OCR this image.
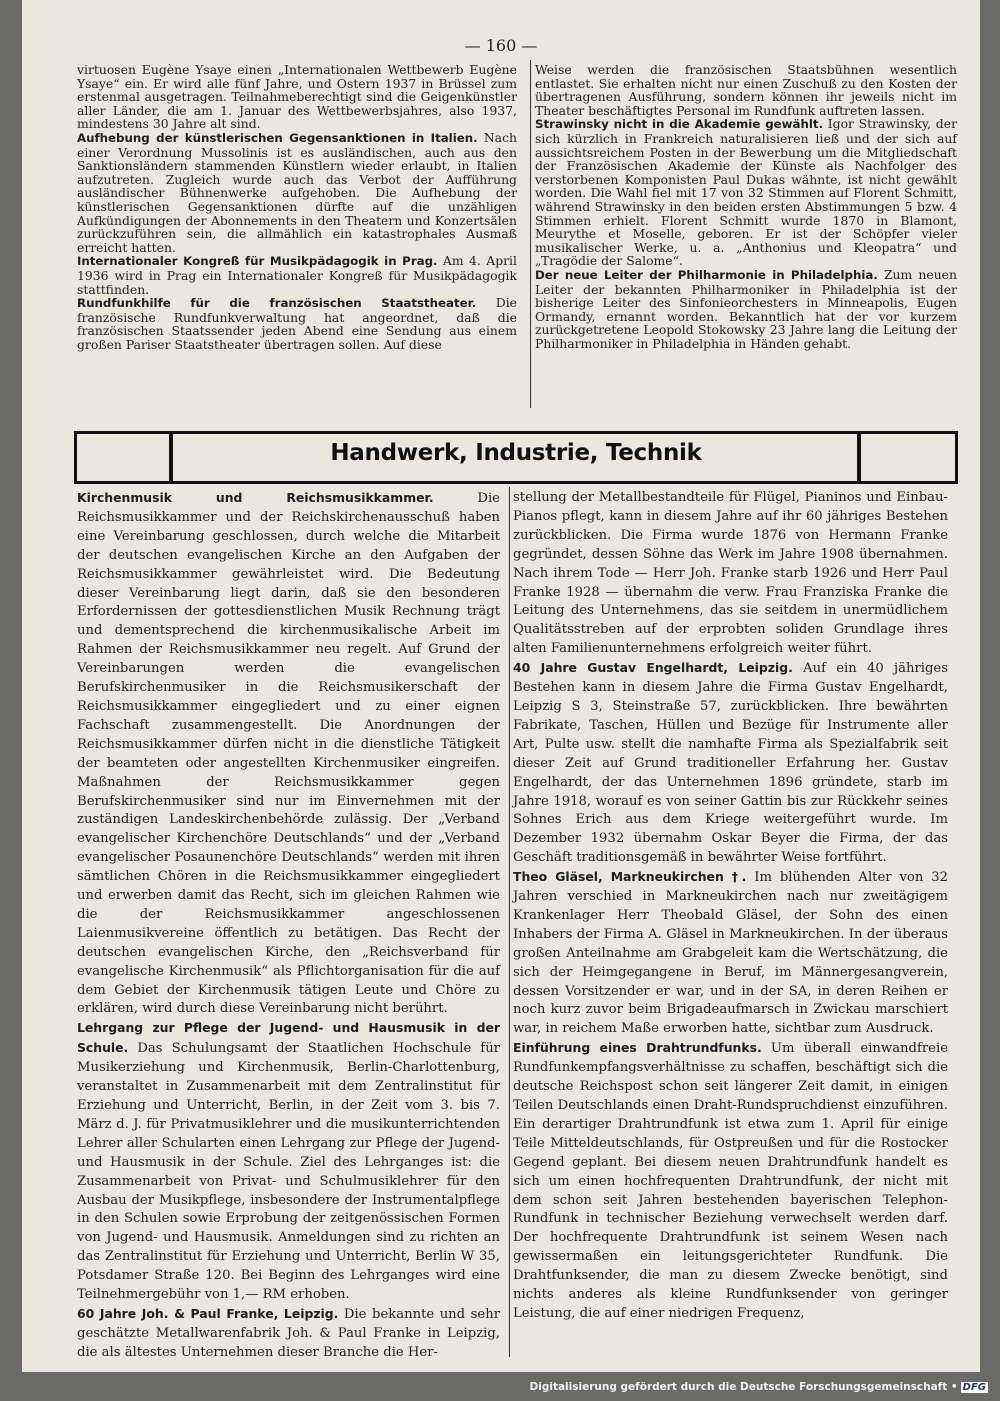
— 160 —

virtuosen Eugène Ysaye einen „Internationalen Wettbewerb Eugène Ysaye“ ein. Er wird alle fünf Jahre, und Ostern 1937 in Brüssel zum erstenmal ausgetragen. Teilnahmeberechtigt sind die Geigenkünstler aller Länder, die am 1. Januar des Wettbewerbsjahres, also 1937, mindestens 30 Jahre alt sind.

Aufhebung der künstlerischen Gegensanktionen in Italien. Nach einer Verordnung Mussolinis ist es ausländischen, auch aus den Sanktionsländern stammenden Künstlern wieder erlaubt, in Italien aufzutreten. Zugleich wurde auch das Verbot der Aufführung ausländischer Bühnenwerke aufgehoben. Die Aufhebung der künstlerischen Gegensanktionen dürfte auf die unzähligen Aufkündigungen der Abonnements in den Theatern und Konzertsälen zurückzuführen sein, die allmählich ein katastrophales Ausmaß erreicht hatten.

Internationaler Kongreß für Musikpädagogik in Prag. Am 4. April 1936 wird in Prag ein Internationaler Kongreß für Musikpädagogik stattfinden.

Rundfunkhilfe für die französischen Staatstheater. Die französische Rundfunkverwaltung hat angeordnet, daß die französischen Staatssender jeden Abend eine Sendung aus einem großen Pariser Staatstheater übertragen sollen. Auf diese

Weise werden die französischen Staatsbühnen wesentlich entlastet. Sie erhalten nicht nur einen Zuschuß zu den Kosten der übertragenen Ausführung, sondern können ihr jeweils nicht im Theater beschäftigtes Personal im Rundfunk auftreten lassen.

Strawinsky nicht in die Akademie gewählt. Igor Strawinsky, der sich kürzlich in Frankreich naturalisieren ließ und der sich auf aussichtsreichem Posten in der Bewerbung um die Mitgliedschaft der Französischen Akademie der Künste als Nachfolger des verstorbenen Komponisten Paul Dukas wähnte, ist nicht gewählt worden. Die Wahl fiel mit 17 von 32 Stimmen auf Florent Schmitt, während Strawinsky in den beiden ersten Abstimmungen 5 bzw. 4 Stimmen erhielt. Florent Schmitt wurde 1870 in Blamont, Meurythe et Moselle, geboren. Er ist der Schöpfer vieler musikalischer Werke, u. a. „Anthonius und Kleopatra“ und „Tragödie der Salome“.

Der neue Leiter der Philharmonie in Philadelphia. Zum neuen Leiter der bekannten Philharmoniker in Philadelphia ist der bisherige Leiter des Sinfonieorchesters in Minneapolis, Eugen Ormandy, ernannt worden. Bekanntlich hat der vor kurzem zurückgetretene Leopold Stokowsky 23 Jahre lang die Leitung der Philharmoniker in Philadelphia in Händen gehabt.

Handwerk, Industrie, Technik

Kirchenmusik und Reichsmusikkammer. Die Reichsmusikkammer und der Reichskirchenausschuß haben eine Vereinbarung geschlossen, durch welche die Mitarbeit der deutschen evangelischen Kirche an den Aufgaben der Reichsmusikkammer gewährleistet wird. Die Bedeutung dieser Vereinbarung liegt darin, daß sie den besonderen Erfordernissen der gottesdienstlichen Musik Rechnung trägt und dementsprechend die kirchenmusikalische Arbeit im Rahmen der Reichsmusikkammer neu regelt. Auf Grund der Vereinbarungen werden die evangelischen Berufskirchenmusiker in die Reichsmusikerschaft der Reichsmusikkammer eingegliedert und zu einer eignen Fachschaft zusammengestellt. Die Anordnungen der Reichsmusikkammer dürfen nicht in die dienstliche Tätigkeit der beamteten oder angestellten Kirchenmusiker eingreifen. Maßnahmen der Reichsmusikkammer gegen Berufskirchenmusiker sind nur im Einvernehmen mit der zuständigen Landeskirchenbehörde zulässig. Der „Verband evangelischer Kirchenchöre Deutschlands“ und der „Verband evangelischer Posaunenchöre Deutschlands“ werden mit ihren sämtlichen Chören in die Reichsmusikkammer eingegliedert und erwerben damit das Recht, sich im gleichen Rahmen wie die der Reichsmusikkammer angeschlossenen Laienmusikvereine öffentlich zu betätigen. Das Recht der deutschen evangelischen Kirche, den „Reichsverband für evangelische Kirchenmusik“ als Pflichtorganisation für die auf dem Gebiet der Kirchenmusik tätigen Leute und Chöre zu erklären, wird durch diese Vereinbarung nicht berührt.

Lehrgang zur Pflege der Jugend- und Hausmusik in der Schule. Das Schulungsamt der Staatlichen Hochschule für Musikerziehung und Kirchenmusik, Berlin-Charlottenburg, veranstaltet in Zusammenarbeit mit dem Zentralinstitut für Erziehung und Unterricht, Berlin, in der Zeit vom 3. bis 7. März d. J. für Privatmusiklehrer und die musikunterrichtenden Lehrer aller Schularten einen Lehrgang zur Pflege der Jugend- und Hausmusik in der Schule. Ziel des Lehrganges ist: die Zusammenarbeit von Privat- und Schulmusiklehrer für den Ausbau der Musikpflege, insbesondere der Instrumentalpflege in den Schulen sowie Erprobung der zeitgenössischen Formen von Jugend- und Hausmusik. Anmeldungen sind zu richten an das Zentralinstitut für Erziehung und Unterricht, Berlin W 35, Potsdamer Straße 120. Bei Beginn des Lehrganges wird eine Teilnehmergebühr von 1,— RM erhoben.

60 Jahre Joh. & Paul Franke, Leipzig. Die bekannte und sehr geschätzte Metallwarenfabrik Joh. & Paul Franke in Leipzig, die als ältestes Unternehmen dieser Branche die Her-

stellung der Metallbestandteile für Flügel, Pianinos und Einbau-Pianos pflegt, kann in diesem Jahre auf ihr 60 jähriges Bestehen zurückblicken. Die Firma wurde 1876 von Hermann Franke gegründet, dessen Söhne das Werk im Jahre 1908 übernahmen. Nach ihrem Tode — Herr Joh. Franke starb 1926 und Herr Paul Franke 1928 — übernahm die verw. Frau Franziska Franke die Leitung des Unternehmens, das sie seitdem in unermüdlichem Qualitätsstreben auf der erprobten soliden Grundlage ihres alten Familienunternehmens erfolgreich weiter führt.

40 Jahre Gustav Engelhardt, Leipzig. Auf ein 40 jähriges Bestehen kann in diesem Jahre die Firma Gustav Engelhardt, Leipzig S 3, Steinstraße 57, zurückblicken. Ihre bewährten Fabrikate, Taschen, Hüllen und Bezüge für Instrumente aller Art, Pulte usw. stellt die namhafte Firma als Spezialfabrik seit dieser Zeit auf Grund traditioneller Erfahrung her. Gustav Engelhardt, der das Unternehmen 1896 gründete, starb im Jahre 1918, worauf es von seiner Gattin bis zur Rückkehr seines Sohnes Erich aus dem Kriege weitergeführt wurde. Im Dezember 1932 übernahm Oskar Beyer die Firma, der das Geschäft traditionsgemäß in bewährter Weise fortführt.

Theo Gläsel, Markneukirchen †. Im blühenden Alter von 32 Jahren verschied in Markneukirchen nach nur zweitägigem Krankenlager Herr Theobald Gläsel, der Sohn des einen Inhabers der Firma A. Gläsel in Markneukirchen. In der überaus großen Anteilnahme am Grabgeleit kam die Wertschätzung, die sich der Heimgegangene in Beruf, im Männergesangverein, dessen Vorsitzender er war, und in der SA, in deren Reihen er noch kurz zuvor beim Brigadeaufmarsch in Zwickau marschiert war, in reichem Maße erworben hatte, sichtbar zum Ausdruck.

Einführung eines Drahtrundfunks. Um überall einwandfreie Rundfunkempfangsverhältnisse zu schaffen, beschäftigt sich die deutsche Reichspost schon seit längerer Zeit damit, in einigen Teilen Deutschlands einen Draht-Rundspruchdienst einzuführen. Ein derartiger Drahtrundfunk ist etwa zum 1. April für einige Teile Mitteldeutschlands, für Ostpreußen und für die Rostocker Gegend geplant. Bei diesem neuen Drahtrundfunk handelt es sich um einen hochfrequenten Drahtrundfunk, der nicht mit dem schon seit Jahren bestehenden bayerischen Telephon-Rundfunk in technischer Beziehung verwechselt werden darf. Der hochfrequente Drahtrundfunk ist seinem Wesen nach gewissermaßen ein leitungsgerichteter Rundfunk. Die Drahtfunksender, die man zu diesem Zwecke benötigt, sind nichts anderes als kleine Rundfunksender von geringer Leistung, die auf einer niedrigen Frequenz,

Digitalisierung gefördert durch die Deutsche Forschungsgemeinschaft • DFG
